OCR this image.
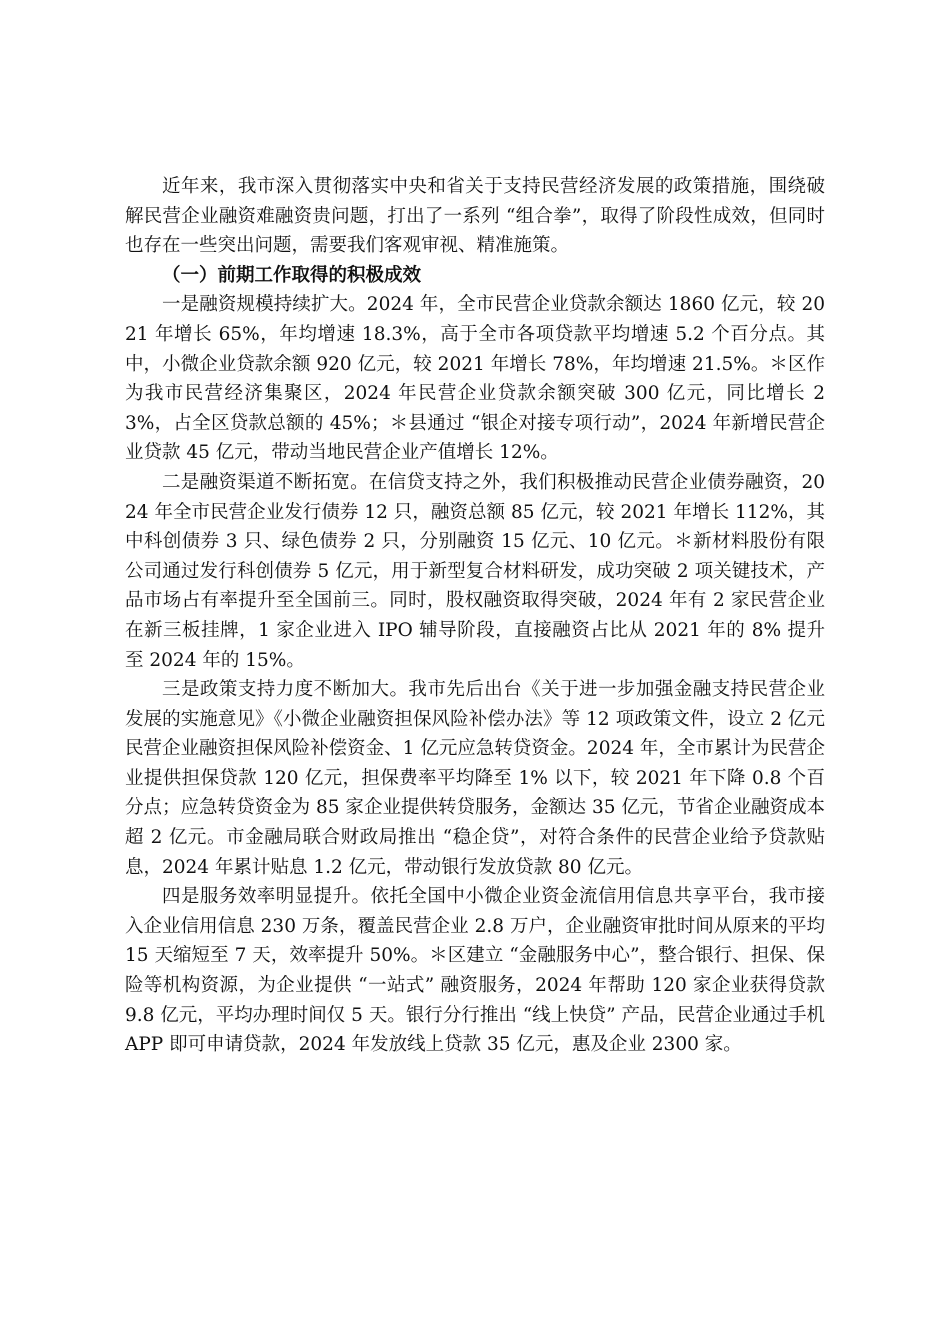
近年来，我市深入贯彻落实中央和省关于支持民营经济发展的政策措施，围绕破解民营企业融资难融资贵问题，打出了一系列 “组合拳”，取得了阶段性成效，但同时也存在一些突出问题，需要我们客观审视、精准施策。

（一）前期工作取得的积极成效

一是融资规模持续扩大。2024 年，全市民营企业贷款余额达 1860 亿元，较 2021 年增长 65%，年均增速 18.3%，高于全市各项贷款平均增速 5.2 个百分点。其中，小微企业贷款余额 920 亿元，较 2021 年增长 78%，年均增速 21.5%。＊区作为我市民营经济集聚区，2024 年民营企业贷款余额突破 300 亿元，同比增长 23%，占全区贷款总额的 45%；＊县通过 “银企对接专项行动”，2024 年新增民营企业贷款 45 亿元，带动当地民营企业产值增长 12%。

二是融资渠道不断拓宽。在信贷支持之外，我们积极推动民营企业债券融资，2024 年全市民营企业发行债券 12 只，融资总额 85 亿元，较 2021 年增长 112%，其中科创债券 3 只、绿色债券 2 只，分别融资 15 亿元、10 亿元。＊新材料股份有限公司通过发行科创债券 5 亿元，用于新型复合材料研发，成功突破 2 项关键技术，产品市场占有率提升至全国前三。同时，股权融资取得突破，2024 年有 2 家民营企业在新三板挂牌，1 家企业进入 IPO 辅导阶段，直接融资占比从 2021 年的 8% 提升至 2024 年的 15%。

三是政策支持力度不断加大。我市先后出台《关于进一步加强金融支持民营企业发展的实施意见》《小微企业融资担保风险补偿办法》等 12 项政策文件，设立 2 亿元民营企业融资担保风险补偿资金、1 亿元应急转贷资金。2024 年，全市累计为民营企业提供担保贷款 120 亿元，担保费率平均降至 1% 以下，较 2021 年下降 0.8 个百分点；应急转贷资金为 85 家企业提供转贷服务，金额达 35 亿元，节省企业融资成本超 2 亿元。市金融局联合财政局推出 “稳企贷”，对符合条件的民营企业给予贷款贴息，2024 年累计贴息 1.2 亿元，带动银行发放贷款 80 亿元。

四是服务效率明显提升。依托全国中小微企业资金流信用信息共享平台，我市接入企业信用信息 230 万条，覆盖民营企业 2.8 万户，企业融资审批时间从原来的平均 15 天缩短至 7 天，效率提升 50%。＊区建立 “金融服务中心”，整合银行、担保、保险等机构资源，为企业提供 “一站式” 融资服务，2024 年帮助 120 家企业获得贷款 9.8 亿元，平均办理时间仅 5 天。银行分行推出 “线上快贷” 产品，民营企业通过手机 APP 即可申请贷款，2024 年发放线上贷款 35 亿元，惠及企业 2300 家。
